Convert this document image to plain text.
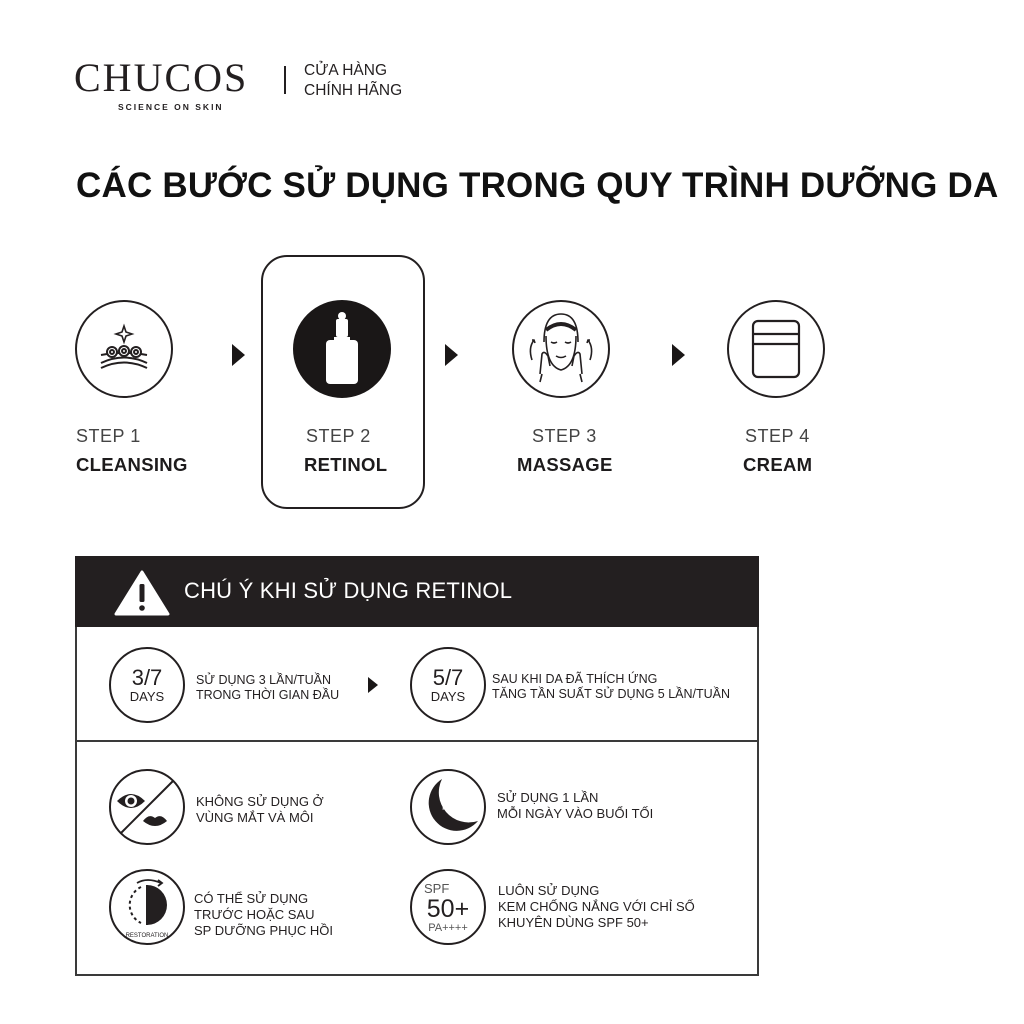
CHUCOS
SCIENCE ON SKIN
CỬA HÀNG
CHÍNH HÃNG
CÁC BƯỚC SỬ DỤNG TRONG QUY TRÌNH DƯỠNG DA
STEP 1
CLEANSING
STEP 2
RETINOL
STEP 3
MASSAGE
STEP 4
CREAM
CHÚ Ý KHI SỬ DỤNG RETINOL
3/7
DAYS
SỬ DỤNG 3 LẦN/TUẦN
TRONG THỜI GIAN ĐẦU
5/7
DAYS
SAU KHI DA ĐÃ THÍCH ỨNG
TĂNG TẦN SUẤT SỬ DỤNG 5 LẦN/TUẦN
KHÔNG SỬ DỤNG Ở
VÙNG MẮT VÀ MÔI
EVERY
NIGHT
SỬ DỤNG 1 LẦN
MỖI NGÀY VÀO BUỔI TỐI
RESTORATION
CÓ THỂ SỬ DỤNG
TRƯỚC HOẶC SAU
SP DƯỠNG PHỤC HỒI
SPF
50+
PA++++
LUÔN SỬ DỤNG
KEM CHỐNG NẮNG VỚI CHỈ SỐ
KHUYÊN DÙNG SPF 50+
